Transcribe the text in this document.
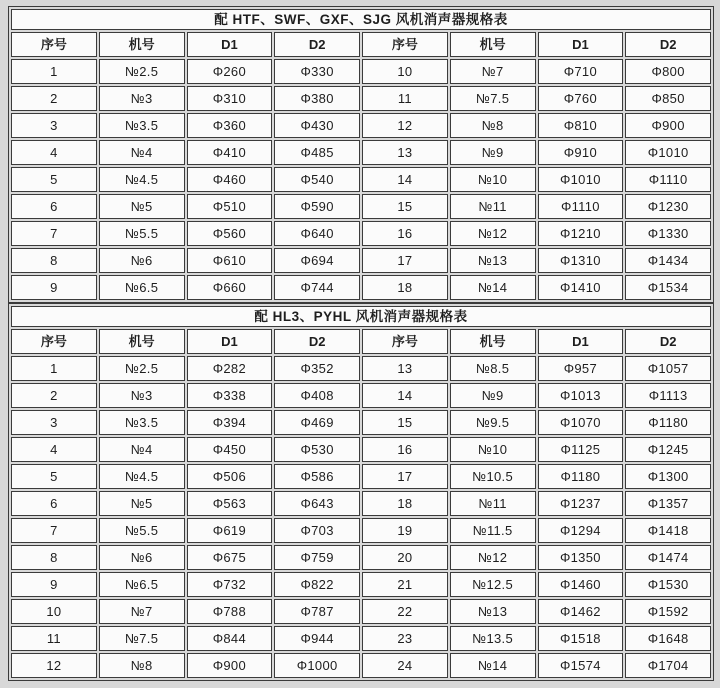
配 HTF、SWF、GXF、SJG 风机消声器规格表							
序号	机号	D1	D2	序号	机号	D1	D2
1	№2.5	Φ260	Φ330	10	№7	Φ710	Φ800
2	№3	Φ310	Φ380	11	№7.5	Φ760	Φ850
3	№3.5	Φ360	Φ430	12	№8	Φ810	Φ900
4	№4	Φ410	Φ485	13	№9	Φ910	Φ1010
5	№4.5	Φ460	Φ540	14	№10	Φ1010	Φ1110
6	№5	Φ510	Φ590	15	№11	Φ1110	Φ1230
7	№5.5	Φ560	Φ640	16	№12	Φ1210	Φ1330
8	№6	Φ610	Φ694	17	№13	Φ1310	Φ1434
9	№6.5	Φ660	Φ744	18	№14	Φ1410	Φ1534
配 HL3、PYHL 风机消声器规格表							
序号	机号	D1	D2	序号	机号	D1	D2
1	№2.5	Φ282	Φ352	13	№8.5	Φ957	Φ1057
2	№3	Φ338	Φ408	14	№9	Φ1013	Φ1113
3	№3.5	Φ394	Φ469	15	№9.5	Φ1070	Φ1180
4	№4	Φ450	Φ530	16	№10	Φ1125	Φ1245
5	№4.5	Φ506	Φ586	17	№10.5	Φ1180	Φ1300
6	№5	Φ563	Φ643	18	№11	Φ1237	Φ1357
7	№5.5	Φ619	Φ703	19	№11.5	Φ1294	Φ1418
8	№6	Φ675	Φ759	20	№12	Φ1350	Φ1474
9	№6.5	Φ732	Φ822	21	№12.5	Φ1460	Φ1530
10	№7	Φ788	Φ787	22	№13	Φ1462	Φ1592
11	№7.5	Φ844	Φ944	23	№13.5	Φ1518	Φ1648
12	№8	Φ900	Φ1000	24	№14	Φ1574	Φ1704
